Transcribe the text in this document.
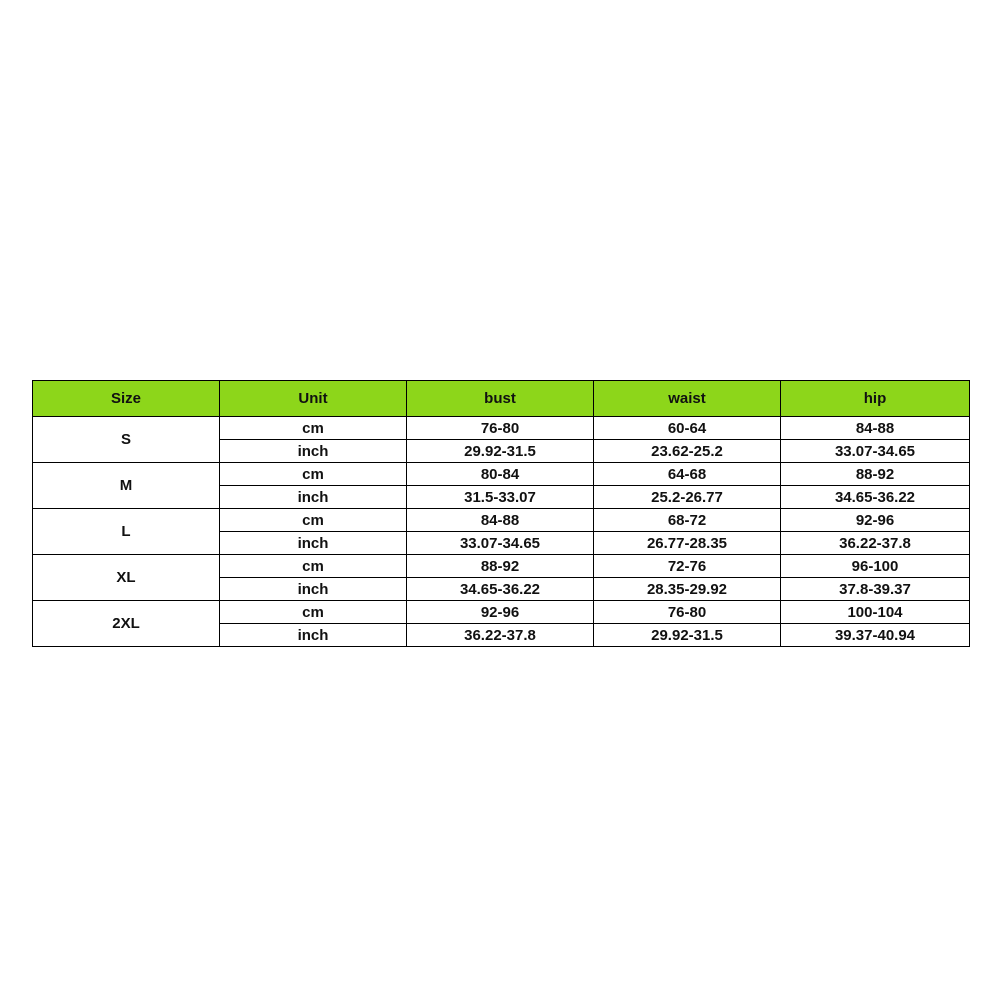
Size	Unit	bust	waist	hip
S	cm	76-80	60-64	84-88
	inch	29.92-31.5	23.62-25.2	33.07-34.65
M	cm	80-84	64-68	88-92
	inch	31.5-33.07	25.2-26.77	34.65-36.22
L	cm	84-88	68-72	92-96
	inch	33.07-34.65	26.77-28.35	36.22-37.8
XL	cm	88-92	72-76	96-100
	inch	34.65-36.22	28.35-29.92	37.8-39.37
2XL	cm	92-96	76-80	100-104
	inch	36.22-37.8	29.92-31.5	39.37-40.94
